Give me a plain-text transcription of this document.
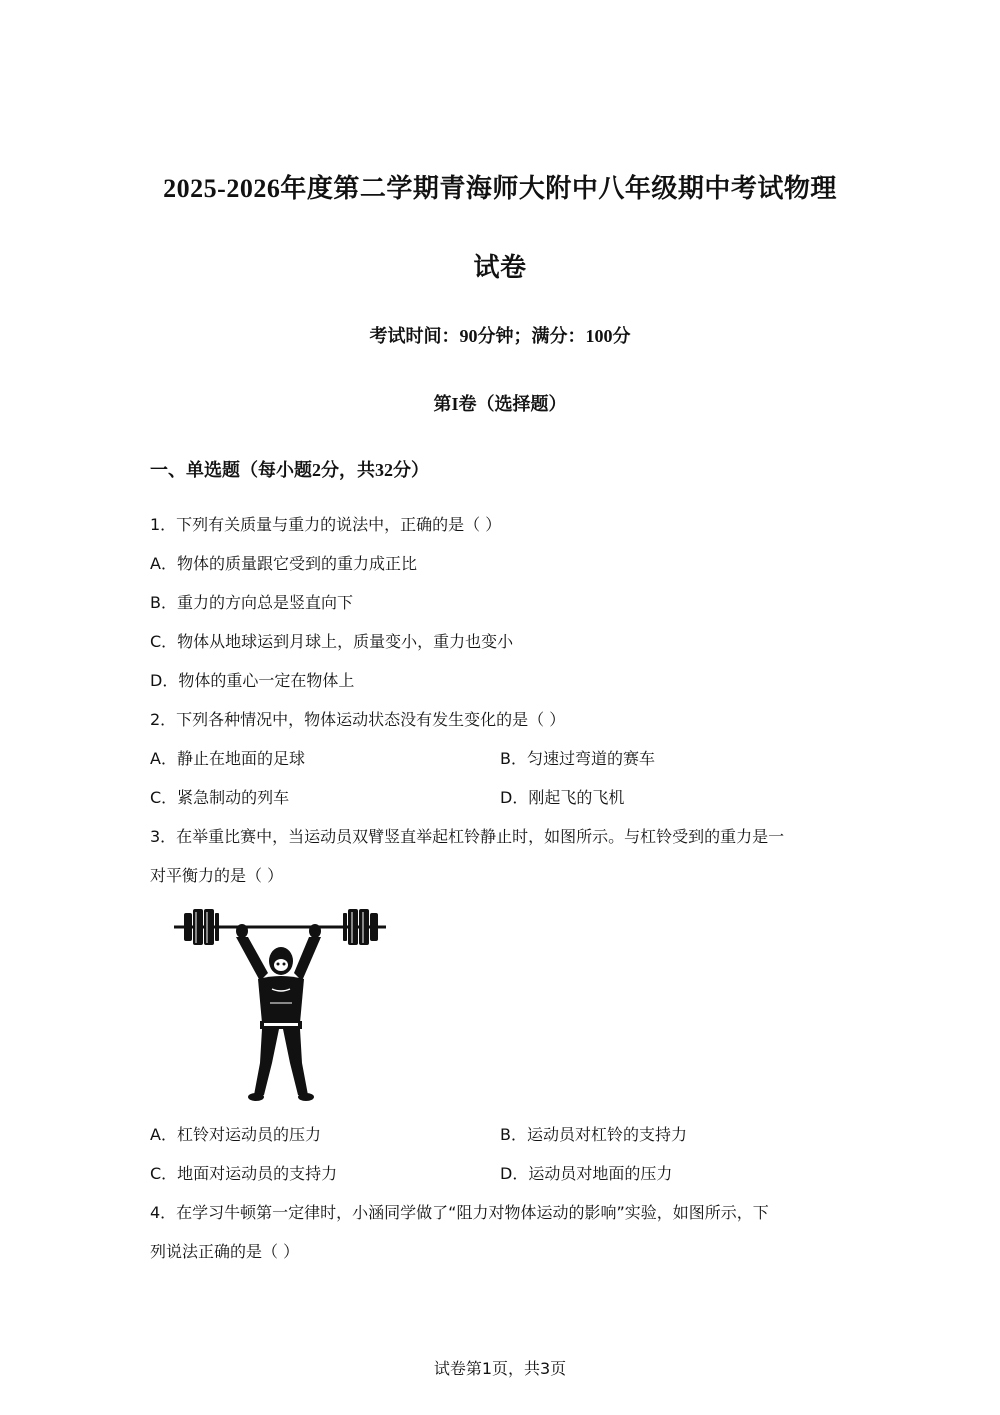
2025-2026年度第二学期青海师大附中八年级期中考试物理
试卷
考试时间：90分钟；满分：100分
第I卷（选择题）
一、单选题（每小题2分，共32分）
1．下列有关质量与重力的说法中，正确的是（ ）
A．物体的质量跟它受到的重力成正比
B．重力的方向总是竖直向下
C．物体从地球运到月球上，质量变小，重力也变小
D．物体的重心一定在物体上
2．下列各种情况中，物体运动状态没有发生变化的是（ ）
A．静止在地面的足球	B．匀速过弯道的赛车
C．紧急制动的列车	D．刚起飞的飞机
3．在举重比赛中，当运动员双臂竖直举起杠铃静止时，如图所示。与杠铃受到的重力是一
对平衡力的是（ ）
A．杠铃对运动员的压力	B．运动员对杠铃的支持力
C．地面对运动员的支持力	D．运动员对地面的压力
4．在学习牛顿第一定律时，小涵同学做了“阻力对物体运动的影响”实验，如图所示，下
列说法正确的是（ ）
试卷第1页，共3页
